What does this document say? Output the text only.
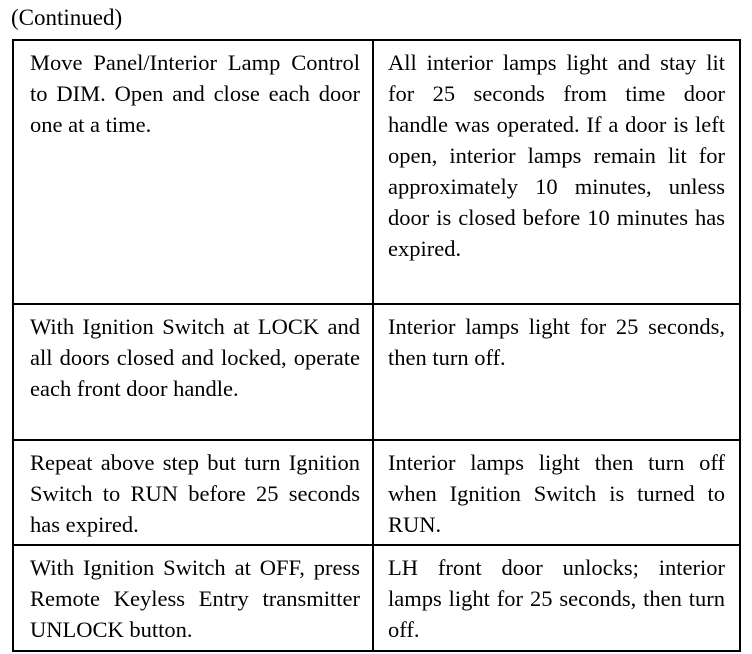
(Continued)
Move Panel/Interior Lamp Control to DIM. Open and close each door one at a time.	All interior lamps light and stay lit for 25 seconds from time door handle was operated. If a door is left open, interior lamps remain lit for approximately 10 minutes, unless door is closed before 10 minutes has expired.
With Ignition Switch at LOCK and all doors closed and locked, operate each front door handle.	Interior lamps light for 25 seconds, then turn off.
Repeat above step but turn Ignition Switch to RUN before 25 seconds has expired.	Interior lamps light then turn off when Ignition Switch is turned to RUN.
With Ignition Switch at OFF, press Remote Keyless Entry transmitter UNLOCK button.	LH front door unlocks; interior lamps light for 25 seconds, then turn off.
